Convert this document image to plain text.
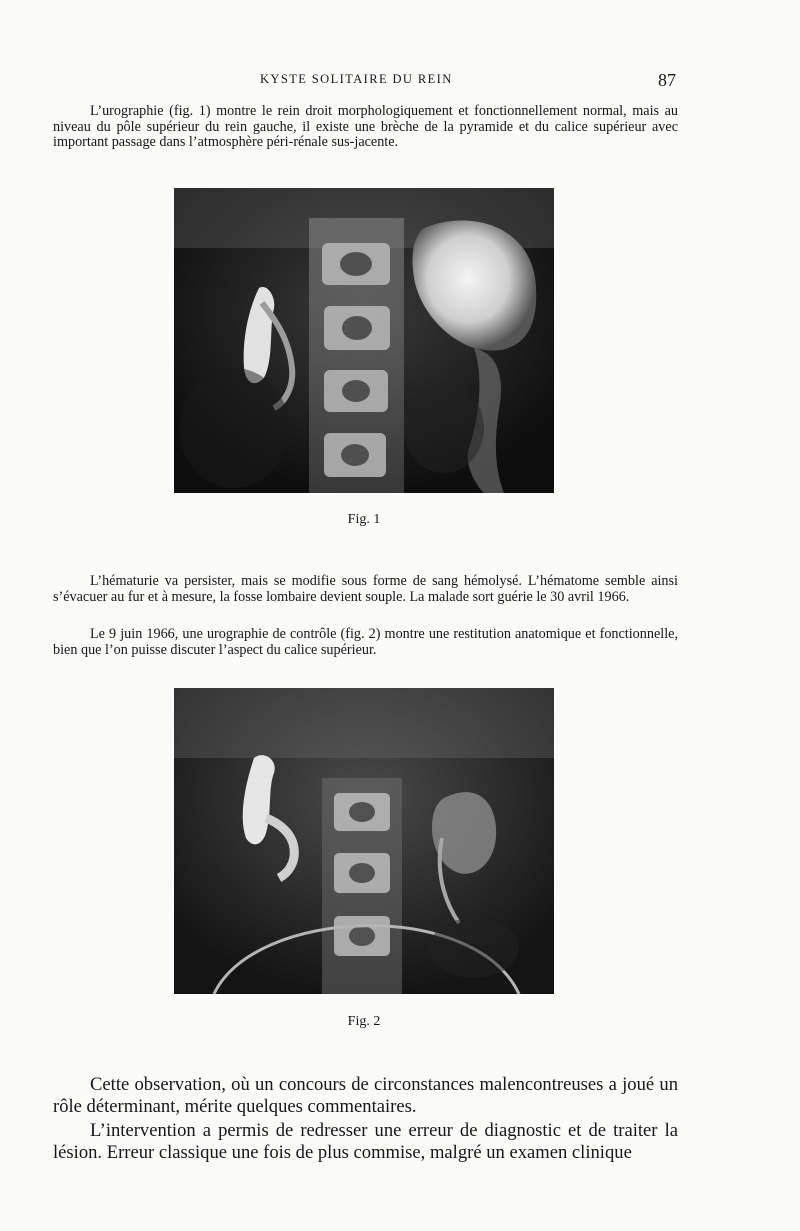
KYSTE SOLITAIRE DU REIN	87

L’urographie (fig. 1) montre le rein droit morphologiquement et fonctionnellement normal, mais au niveau du pôle supérieur du rein gauche, il existe une brèche de la pyramide et du calice supérieur avec important passage dans l’atmosphère péri-rénale sus-jacente.

Fig. 1

L’hématurie va persister, mais se modifie sous forme de sang hémolysé. L’hématome semble ainsi s’évacuer au fur et à mesure, la fosse lombaire devient souple. La malade sort guérie le 30 avril 1966.

Le 9 juin 1966, une urographie de contrôle (fig. 2) montre une restitution anatomique et fonctionnelle, bien que l’on puisse discuter l’aspect du calice supérieur.

Fig. 2

Cette observation, où un concours de circonstances malencontreuses a joué un rôle déterminant, mérite quelques commentaires.

L’intervention a permis de redresser une erreur de diagnostic et de traiter la lésion. Erreur classique une fois de plus commise, malgré un examen clinique
